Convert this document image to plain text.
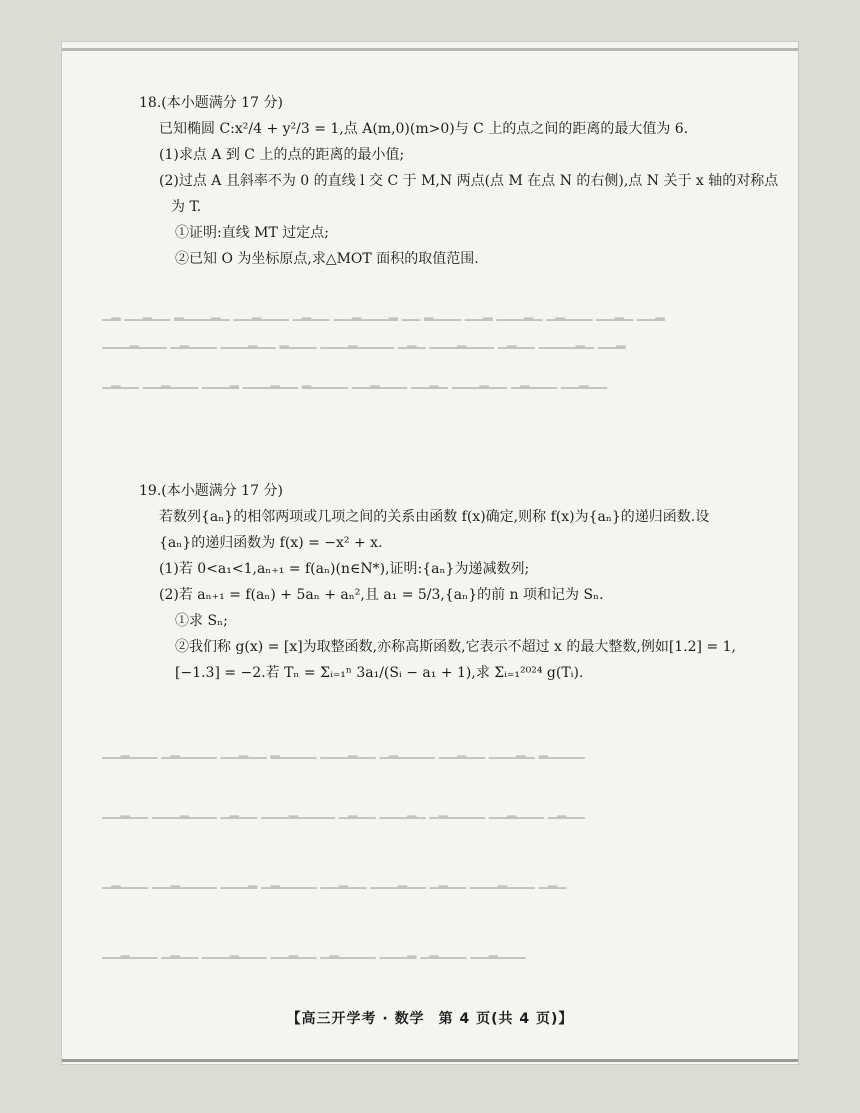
▁▂ ▁▁▂▁▁ ▂▁▁▁▂▁ ▁▁▂▁▁▁ ▁▂▁▁ ▁▁▂▁▁▁▂ ▁▁ ▂▁▁▁ ▁▁▂ ▁▁▁▂▁ ▁▂▁▁▁ ▁▁▂▁ ▁▁▂
▁▁▁▂▁▁▁ ▁▂▁▁▁ ▁▁▁▂▁▁ ▂▁▁▁ ▁▁▁▂▁▁▁▁ ▁▂▁ ▁▁▁▂▁▁▁ ▁▂▁▁ ▁▁▁▁▂▁ ▁▁▂
▁▂▁▁ ▁▁▂▁▁▁ ▁▁▁▂ ▁▁▁▂▁▁ ▂▁▁▁▁ ▁▁▂▁▁▁ ▁▁▂▁ ▁▁▁▂▁▁ ▁▂▁▁▁ ▁▁▂▁▁
▁▁▂▁▁▁ ▁▂▁▁▁▁ ▁▁▂▁▁ ▂▁▁▁▁ ▁▁▁▂▁▁ ▁▂▁▁▁▁ ▁▁▂▁▁ ▁▁▁▂▁ ▂▁▁▁▁
▁▁▂▁▁ ▁▁▁▂▁▁▁ ▁▂▁▁ ▁▁▁▂▁▁▁▁ ▁▂▁▁ ▁▁▁▂▁ ▁▂▁▁▁▁ ▁▁▂▁▁▁ ▁▂▁▁
▁▂▁▁▁ ▁▁▂▁▁▁▁ ▁▁▁▂ ▁▂▁▁▁▁ ▁▁▂▁▁ ▁▁▁▂▁▁ ▁▂▁▁ ▁▁▁▂▁▁▁ ▁▂▁
▁▁▂▁▁▁ ▁▂▁▁ ▁▁▁▂▁▁▁ ▁▁▂▁▁ ▁▂▁▁▁▁ ▁▁▁▂ ▁▂▁▁▁ ▁▁▂▁▁▁

18.(本小题满分 17 分)

已知椭圆 C:x²/4 + y²/3 = 1,点 A(m,0)(m>0)与 C 上的点之间的距离的最大值为 6.

(1)求点 A 到 C 上的点的距离的最小值;

(2)过点 A 且斜率不为 0 的直线 l 交 C 于 M,N 两点(点 M 在点 N 的右侧),点 N 关于 x 轴的对称点

为 T.

①证明:直线 MT 过定点;

②已知 O 为坐标原点,求△MOT 面积的取值范围.

19.(本小题满分 17 分)

若数列{aₙ}的相邻两项或几项之间的关系由函数 f(x)确定,则称 f(x)为{aₙ}的递归函数.设

{aₙ}的递归函数为 f(x) = −x² + x.

(1)若 0<a₁<1,aₙ₊₁ = f(aₙ)(n∈N*),证明:{aₙ}为递减数列;

(2)若 aₙ₊₁ = f(aₙ) + 5aₙ + aₙ²,且 a₁ = 5/3,{aₙ}的前 n 项和记为 Sₙ.

①求 Sₙ;

②我们称 g(x) = [x]为取整函数,亦称高斯函数,它表示不超过 x 的最大整数,例如[1.2] = 1,

[−1.3] = −2.若 Tₙ = Σᵢ₌₁ⁿ 3a₁/(Sᵢ − a₁ + 1),求 Σᵢ₌₁²⁰²⁴ g(Tᵢ).

【高三开学考 · 数学 第 4 页(共 4 页)】
